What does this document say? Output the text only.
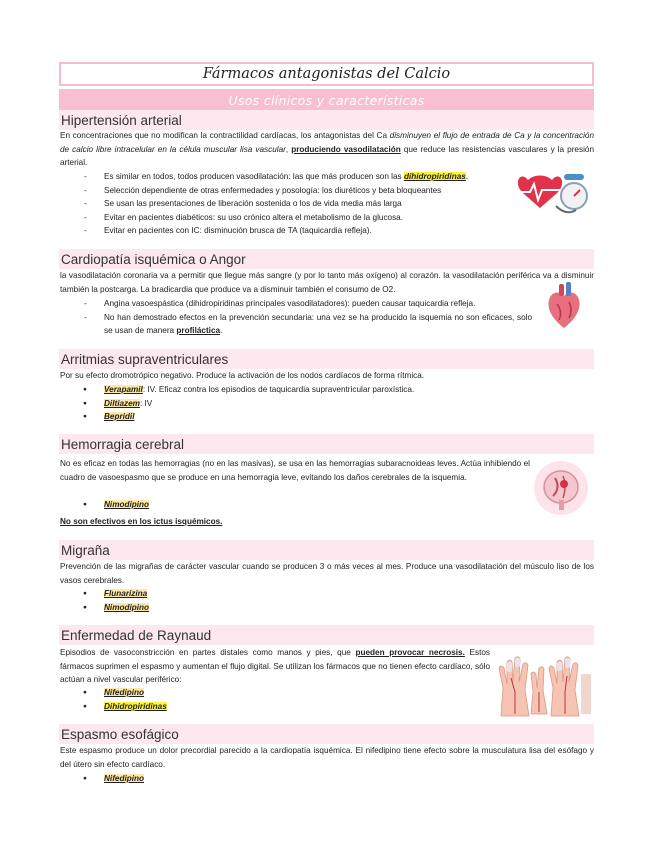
Fármacos antagonistas del Calcio
Usos clínicos y características
Hipertensión arterial
En concentraciones que no modifican la contractilidad cardíacas, los antagonistas del Ca disminuyen el flujo de entrada de Ca y la concentración de calcio libre intracelular en la célula muscular lisa vascular, produciendo vasodilatación que reduce las resistencias vasculares y la presión arterial.
- Es similar en todos, todos producen vasodilatación: las que más producen son las dihidropiridinas.
- Selección dependiente de otras enfermedades y posología: los diuréticos y beta bloqueantes
- Se usan las presentaciones de liberación sostenida o los de vida media más larga
- Evitar en pacientes diabéticos: su uso crónico altera el metabolismo de la glucosa.
- Evitar en pacientes con IC: disminución brusca de TA (taquicardia refleja).
Cardiopatía isquémica o Angor
la vasodilatación coronaria va a permitir que llegue más sangre (y por lo tanto más oxígeno) al corazón. la vasodilatación periférica va a disminuir también la postcarga. La bradicardia que produce va a disminuir también el consumo de O2.
- Angina vasoespástica (dihidropiridinas principales vasodilatadores): pueden causar taquicardia refleja.
- No han demostrado efectos en la prevención secundaria: una vez se ha producido la isquemia no son eficaces, solo se usan de manera profiláctica.
Arritmias supraventriculares
Por su efecto dromotrópico negativo. Produce la activación de los nodos cardíacos de forma rítmica.
● Verapamil: IV. Eficaz contra los episodios de taquicardia supraventricular paroxística.
● Diltiazem: IV
● Bepridil
Hemorragia cerebral
No es eficaz en todas las hemorragias (no en las masivas), se usa en las hemorragias subaracnoideas leves. Actúa inhibiendo el cuadro de vasoespasmo que se produce en una hemorragia leve, evitando los daños cerebrales de la isquemia.
● Nimodipino
No son efectivos en los ictus isquémicos.
Migraña
Prevención de las migrañas de carácter vascular cuando se producen 3 o más veces al mes. Produce una vasodilatación del músculo liso de los vasos cerebrales.
● Flunarizina
● Nimodipino
Enfermedad de Raynaud
Episodios de vasoconstricción en partes distales como manos y pies, que pueden provocar necrosis. Estos fármacos suprimen el espasmo y aumentan el flujo digital. Se utilizan los fármacos que no tienen efecto cardíaco, sólo actúan a nivel vascular periférico:
● Nifedipino
● Dihidropiridinas
Espasmo esofágico
Este espasmo produce un dolor precordial parecido a la cardiopatía isquémica. El nifedipino tiene efecto sobre la musculatura lisa del esófago y del útero sin efecto cardíaco.
● Nifedipino
